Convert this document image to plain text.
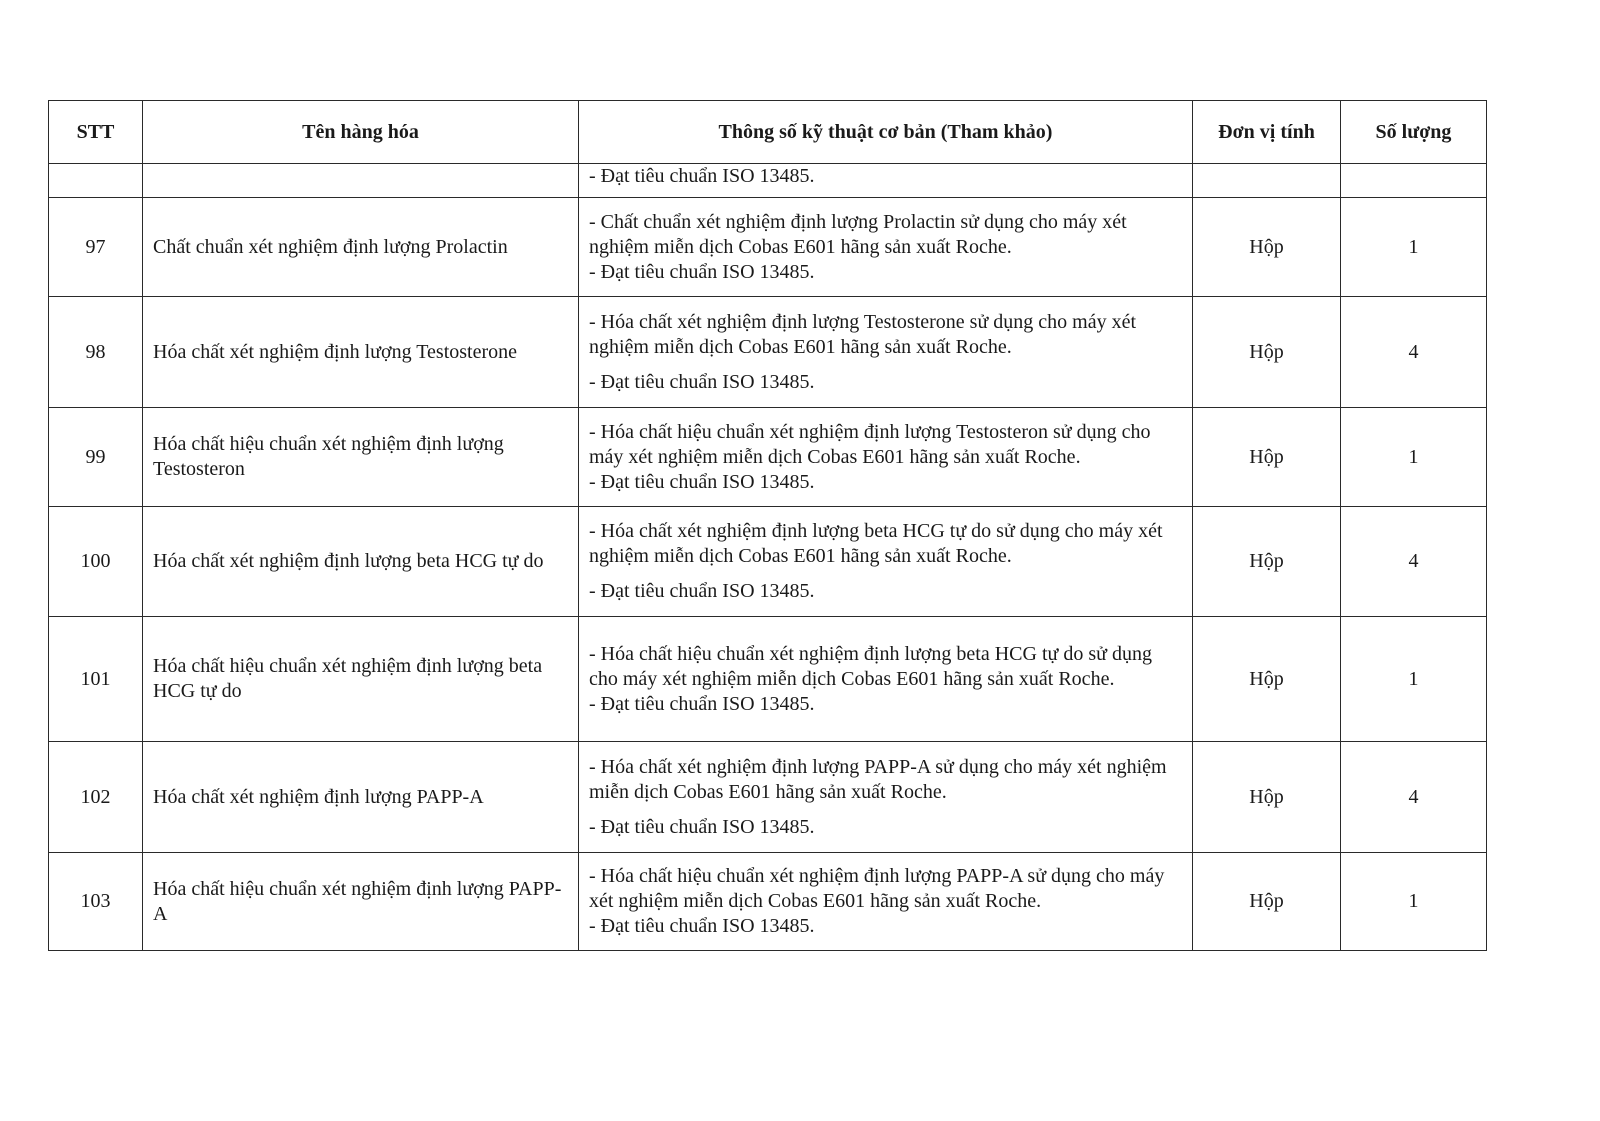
STT	Tên hàng hóa	Thông số kỹ thuật cơ bản (Tham khảo)	Đơn vị tính	Số lượng

		- Đạt tiêu chuẩn ISO 13485.		

97	Chất chuẩn xét nghiệm định lượng Prolactin	- Chất chuẩn xét nghiệm định lượng Prolactin sử dụng cho máy xét nghiệm miễn dịch Cobas E601 hãng sản xuất Roche.
- Đạt tiêu chuẩn ISO 13485.	Hộp	1
98	Hóa chất xét nghiệm định lượng Testosterone	- Hóa chất xét nghiệm định lượng Testosterone sử dụng cho máy xét nghiệm miễn dịch Cobas E601 hãng sản xuất Roche.
- Đạt tiêu chuẩn ISO 13485.	Hộp	4
99	Hóa chất hiệu chuẩn xét nghiệm định lượng Testosteron	- Hóa chất hiệu chuẩn xét nghiệm định lượng Testosteron sử dụng cho máy xét nghiệm miễn dịch Cobas E601 hãng sản xuất Roche.
- Đạt tiêu chuẩn ISO 13485.	Hộp	1
100	Hóa chất xét nghiệm định lượng beta HCG tự do	- Hóa chất xét nghiệm định lượng beta HCG tự do sử dụng cho máy xét nghiệm miễn dịch Cobas E601 hãng sản xuất Roche.
- Đạt tiêu chuẩn ISO 13485.	Hộp	4
101	Hóa chất hiệu chuẩn xét nghiệm định lượng beta HCG tự do	- Hóa chất hiệu chuẩn xét nghiệm định lượng beta HCG tự do sử dụng cho máy xét nghiệm miễn dịch Cobas E601 hãng sản xuất Roche.
- Đạt tiêu chuẩn ISO 13485.	Hộp	1
102	Hóa chất xét nghiệm định lượng PAPP-A	- Hóa chất xét nghiệm định lượng PAPP-A sử dụng cho máy xét nghiệm miễn dịch Cobas E601 hãng sản xuất Roche.
- Đạt tiêu chuẩn ISO 13485.	Hộp	4
103	Hóa chất hiệu chuẩn xét nghiệm định lượng PAPP-A	- Hóa chất hiệu chuẩn xét nghiệm định lượng PAPP-A sử dụng cho máy xét nghiệm miễn dịch Cobas E601 hãng sản xuất Roche.
- Đạt tiêu chuẩn ISO 13485.	Hộp	1
